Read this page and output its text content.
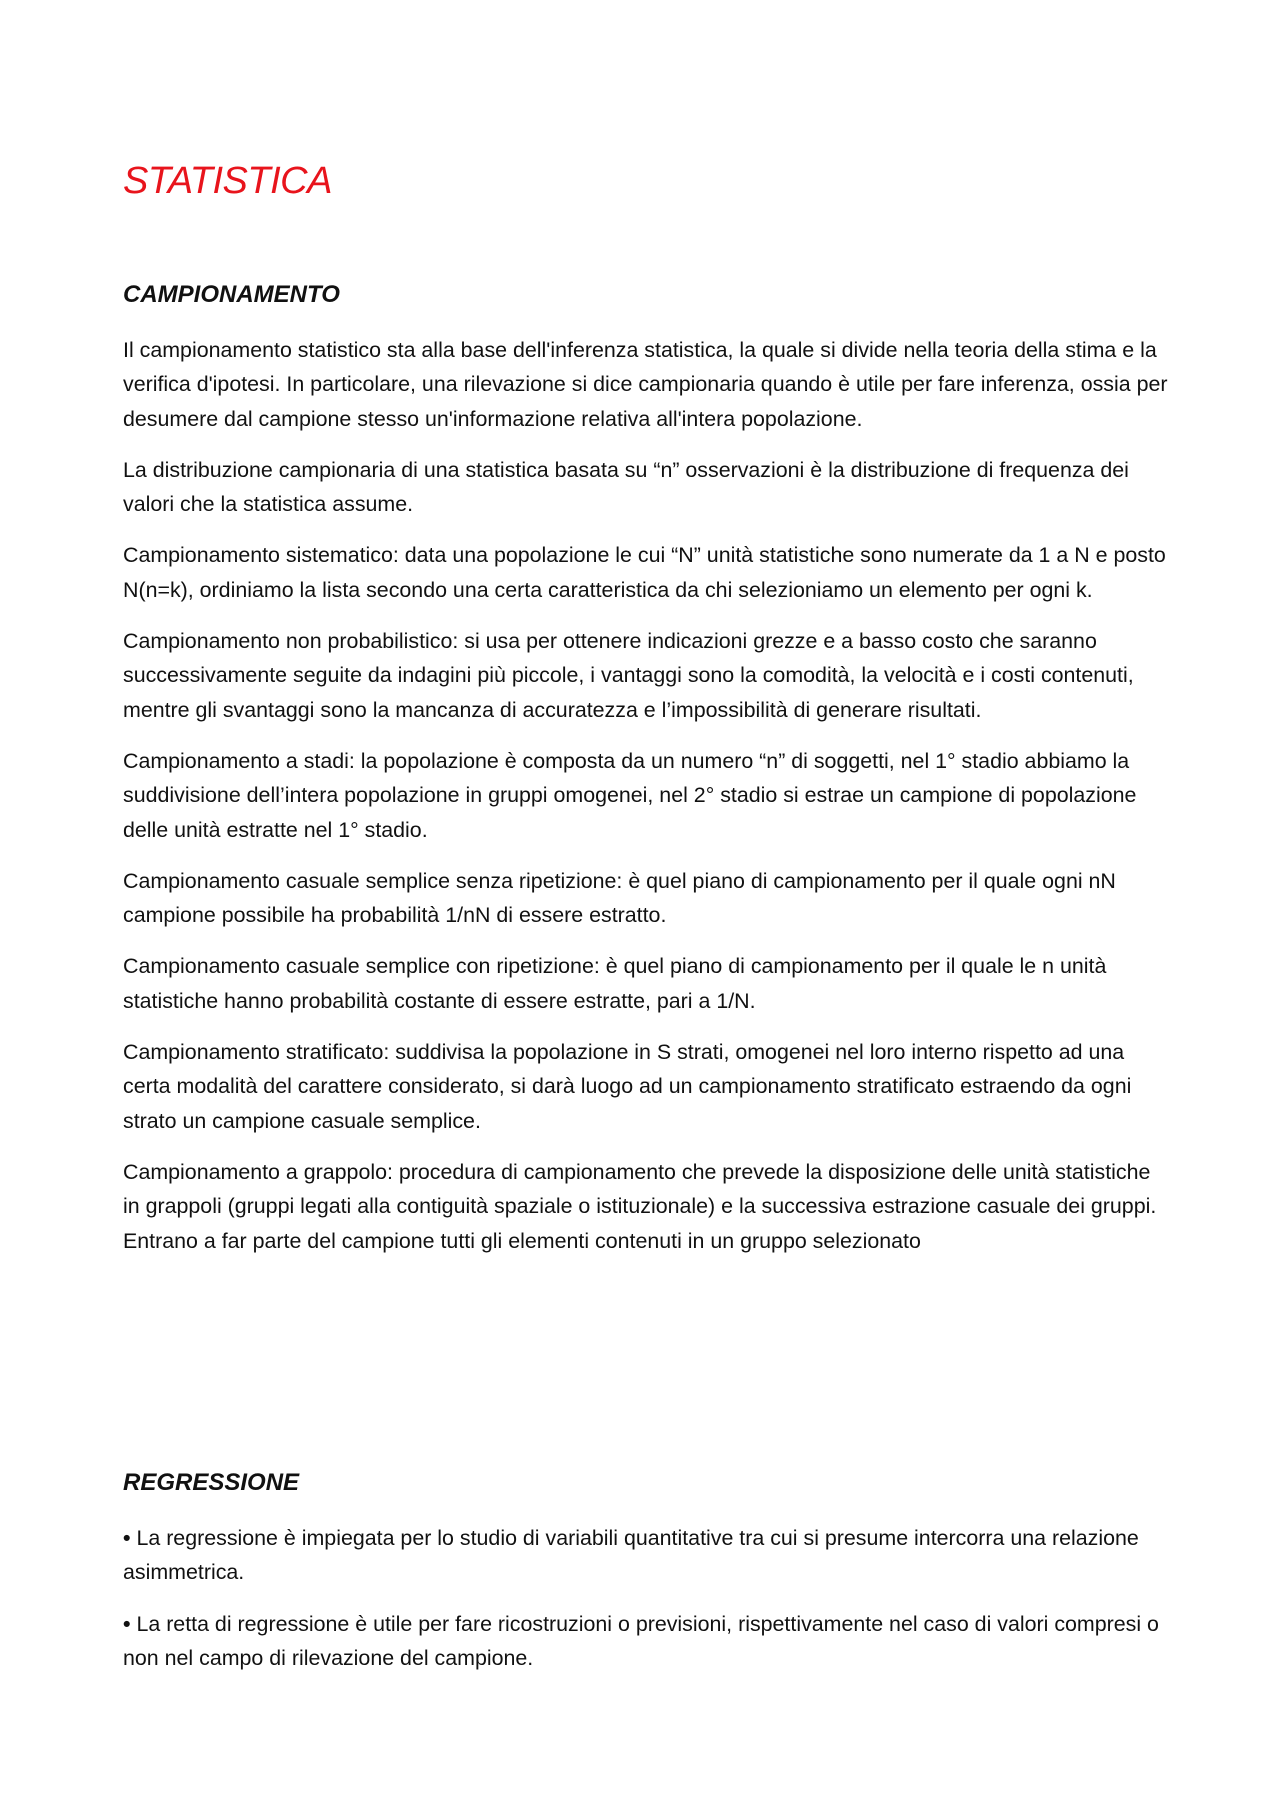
STATISTICA
CAMPIONAMENTO

Il campionamento statistico sta alla base dell'inferenza statistica, la quale si divide nella teoria della stima e la verifica d'ipotesi. In particolare, una rilevazione si dice campionaria quando è utile per fare inferenza, ossia per desumere dal campione stesso un'informazione relativa all'intera popolazione.

La distribuzione campionaria di una statistica basata su “n” osservazioni è la distribuzione di frequenza dei valori che la statistica assume.

Campionamento sistematico: data una popolazione le cui “N” unità statistiche sono numerate da 1 a N e posto N(n=k), ordiniamo la lista secondo una certa caratteristica da chi selezioniamo un elemento per ogni k.

Campionamento non probabilistico: si usa per ottenere indicazioni grezze e a basso costo che saranno successivamente seguite da indagini più piccole, i vantaggi sono la comodità, la velocità e i costi contenuti, mentre gli svantaggi sono la mancanza di accuratezza e l’impossibilità di generare risultati.

Campionamento a stadi: la popolazione è composta da un numero “n” di soggetti, nel 1° stadio abbiamo la suddivisione dell’intera popolazione in gruppi omogenei, nel 2° stadio si estrae un campione di popolazione delle unità estratte nel 1° stadio.

Campionamento casuale semplice senza ripetizione: è quel piano di campionamento per il quale ogni nN campione possibile ha probabilità 1/nN di essere estratto.

Campionamento casuale semplice con ripetizione: è quel piano di campionamento per il quale le n unità statistiche hanno probabilità costante di essere estratte, pari a 1/N.

Campionamento stratificato: suddivisa la popolazione in S strati, omogenei nel loro interno rispetto ad una certa modalità del carattere considerato, si darà luogo ad un campionamento stratificato estraendo da ogni strato un campione casuale semplice.

Campionamento a grappolo: procedura di campionamento che prevede la disposizione delle unità statistiche in grappoli (gruppi legati alla contiguità spaziale o istituzionale) e la successiva estrazione casuale dei gruppi. Entrano a far parte del campione tutti gli elementi contenuti in un gruppo selezionato

REGRESSIONE

• La regressione è impiegata per lo studio di variabili quantitative tra cui si presume intercorra una relazione asimmetrica.

• La retta di regressione è utile per fare ricostruzioni o previsioni, rispettivamente nel caso di valori compresi o non nel campo di rilevazione del campione.
